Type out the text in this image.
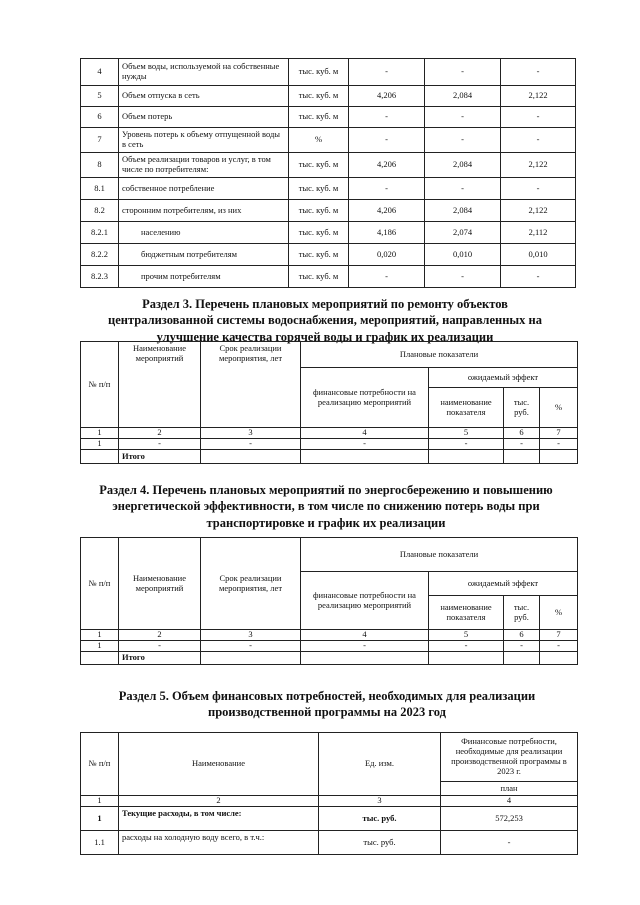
4	Объем воды, используемой на собственные нужды	тыс. куб. м	-	-	-
5	Объем отпуска в сеть	тыс. куб. м	4,206	2,084	2,122
6	Объем потерь	тыс. куб. м	-	-	-
7	Уровень потерь к объему отпущенной воды в сеть	%	-	-	-
8	Объем реализации товаров и услуг, в том числе по потребителям:	тыс. куб. м	4,206	2,084	2,122
8.1	собственное потребление	тыс. куб. м	-	-	-
8.2	сторонним потребителям, из них	тыс. куб. м	4,206	2,084	2,122
8.2.1	населению	тыс. куб. м	4,186	2,074	2,112
8.2.2	бюджетным потребителям	тыс. куб. м	0,020	0,010	0,010
8.2.3	прочим потребителям	тыс. куб. м	-	-	-
Раздел 3. Перечень плановых мероприятий по ремонту объектов централизованной системы водоснабжения, мероприятий, направленных на улучшение качества горячей воды и график их реализации
№ п/п	Наименование мероприятий	Срок реализации мероприятия, лет	Плановые показатели			
			финансовые потребности на реализацию мероприятий	ожидаемый эффект		
				наименование показателя	тыс. руб.	%
1	2	3	4	5	6	7
1	-	-	-	-	-	-
	Итого					
Раздел 4. Перечень плановых мероприятий по энергосбережению и повышению энергетической эффективности, в том числе по снижению потерь воды при транспортировке и график их реализации
№ п/п	Наименование мероприятий	Срок реализации мероприятия, лет	Плановые показатели			
			финансовые потребности на реализацию мероприятий	ожидаемый эффект		
				наименование показателя	тыс. руб.	%
1	2	3	4	5	6	7
1	-	-	-	-	-	-
	Итого					
Раздел 5. Объем финансовых потребностей, необходимых для реализации производственной программы на 2023 год
№ п/п	Наименование	Ед. изм.	Финансовые потребности, необходимые для реализации производственной программы в 2023 г.
			план
1	2	3	4
1	Текущие расходы, в том числе:	тыс. руб.	572,253
1.1	расходы на холодную воду всего, в т.ч.:	тыс. руб.	-
